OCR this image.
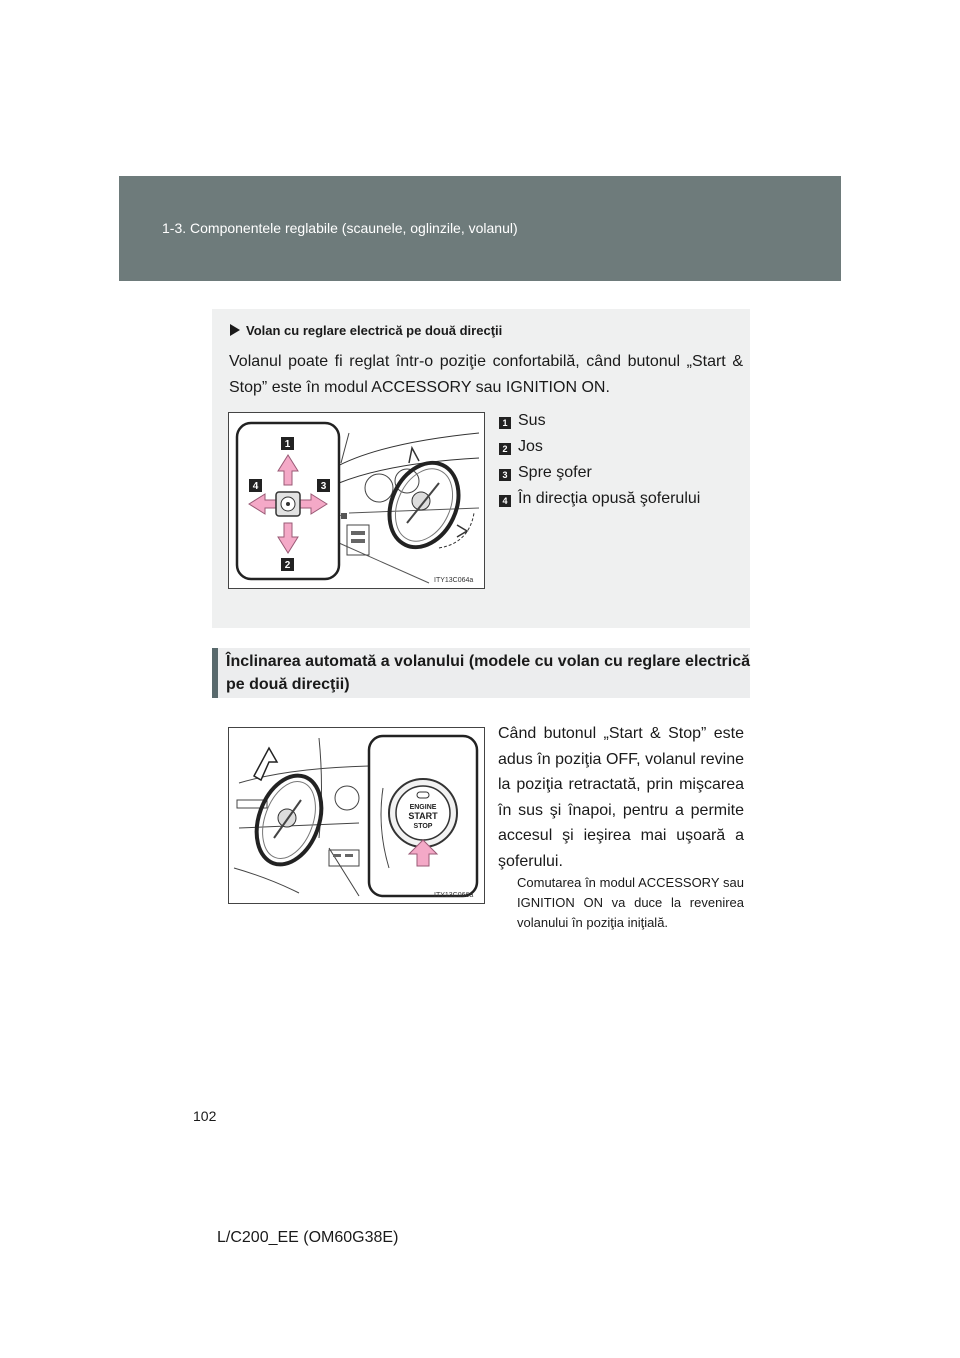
1-3. Componentele reglabile (scaunele, oglinzile, volanul)
Volan cu reglare electrică pe două direcţii
Volanul poate fi reglat într-o poziţie confortabilă, când butonul „Start & Stop” este în modul ACCESSORY sau IGNITION ON.
1
2
3
4
ITY13C064a
1 Sus
2 Jos
3 Spre şofer
4 În direcţia opusă şoferului
Înclinarea automată a volanului (modele cu volan cu reglare electrică pe două direcţii)
ENGINE
START
STOP
ITY13C066a
Când butonul „Start & Stop” este adus în poziţia OFF, volanul revine la poziţia retractată, prin mişcarea în sus şi înapoi, pentru a permite accesul şi ieşirea mai uşoară a şoferului.
Comutarea în modul ACCESSORY sau IGNITION ON va duce la revenirea volanului în poziţia iniţială.
102
L/C200_EE (OM60G38E)
